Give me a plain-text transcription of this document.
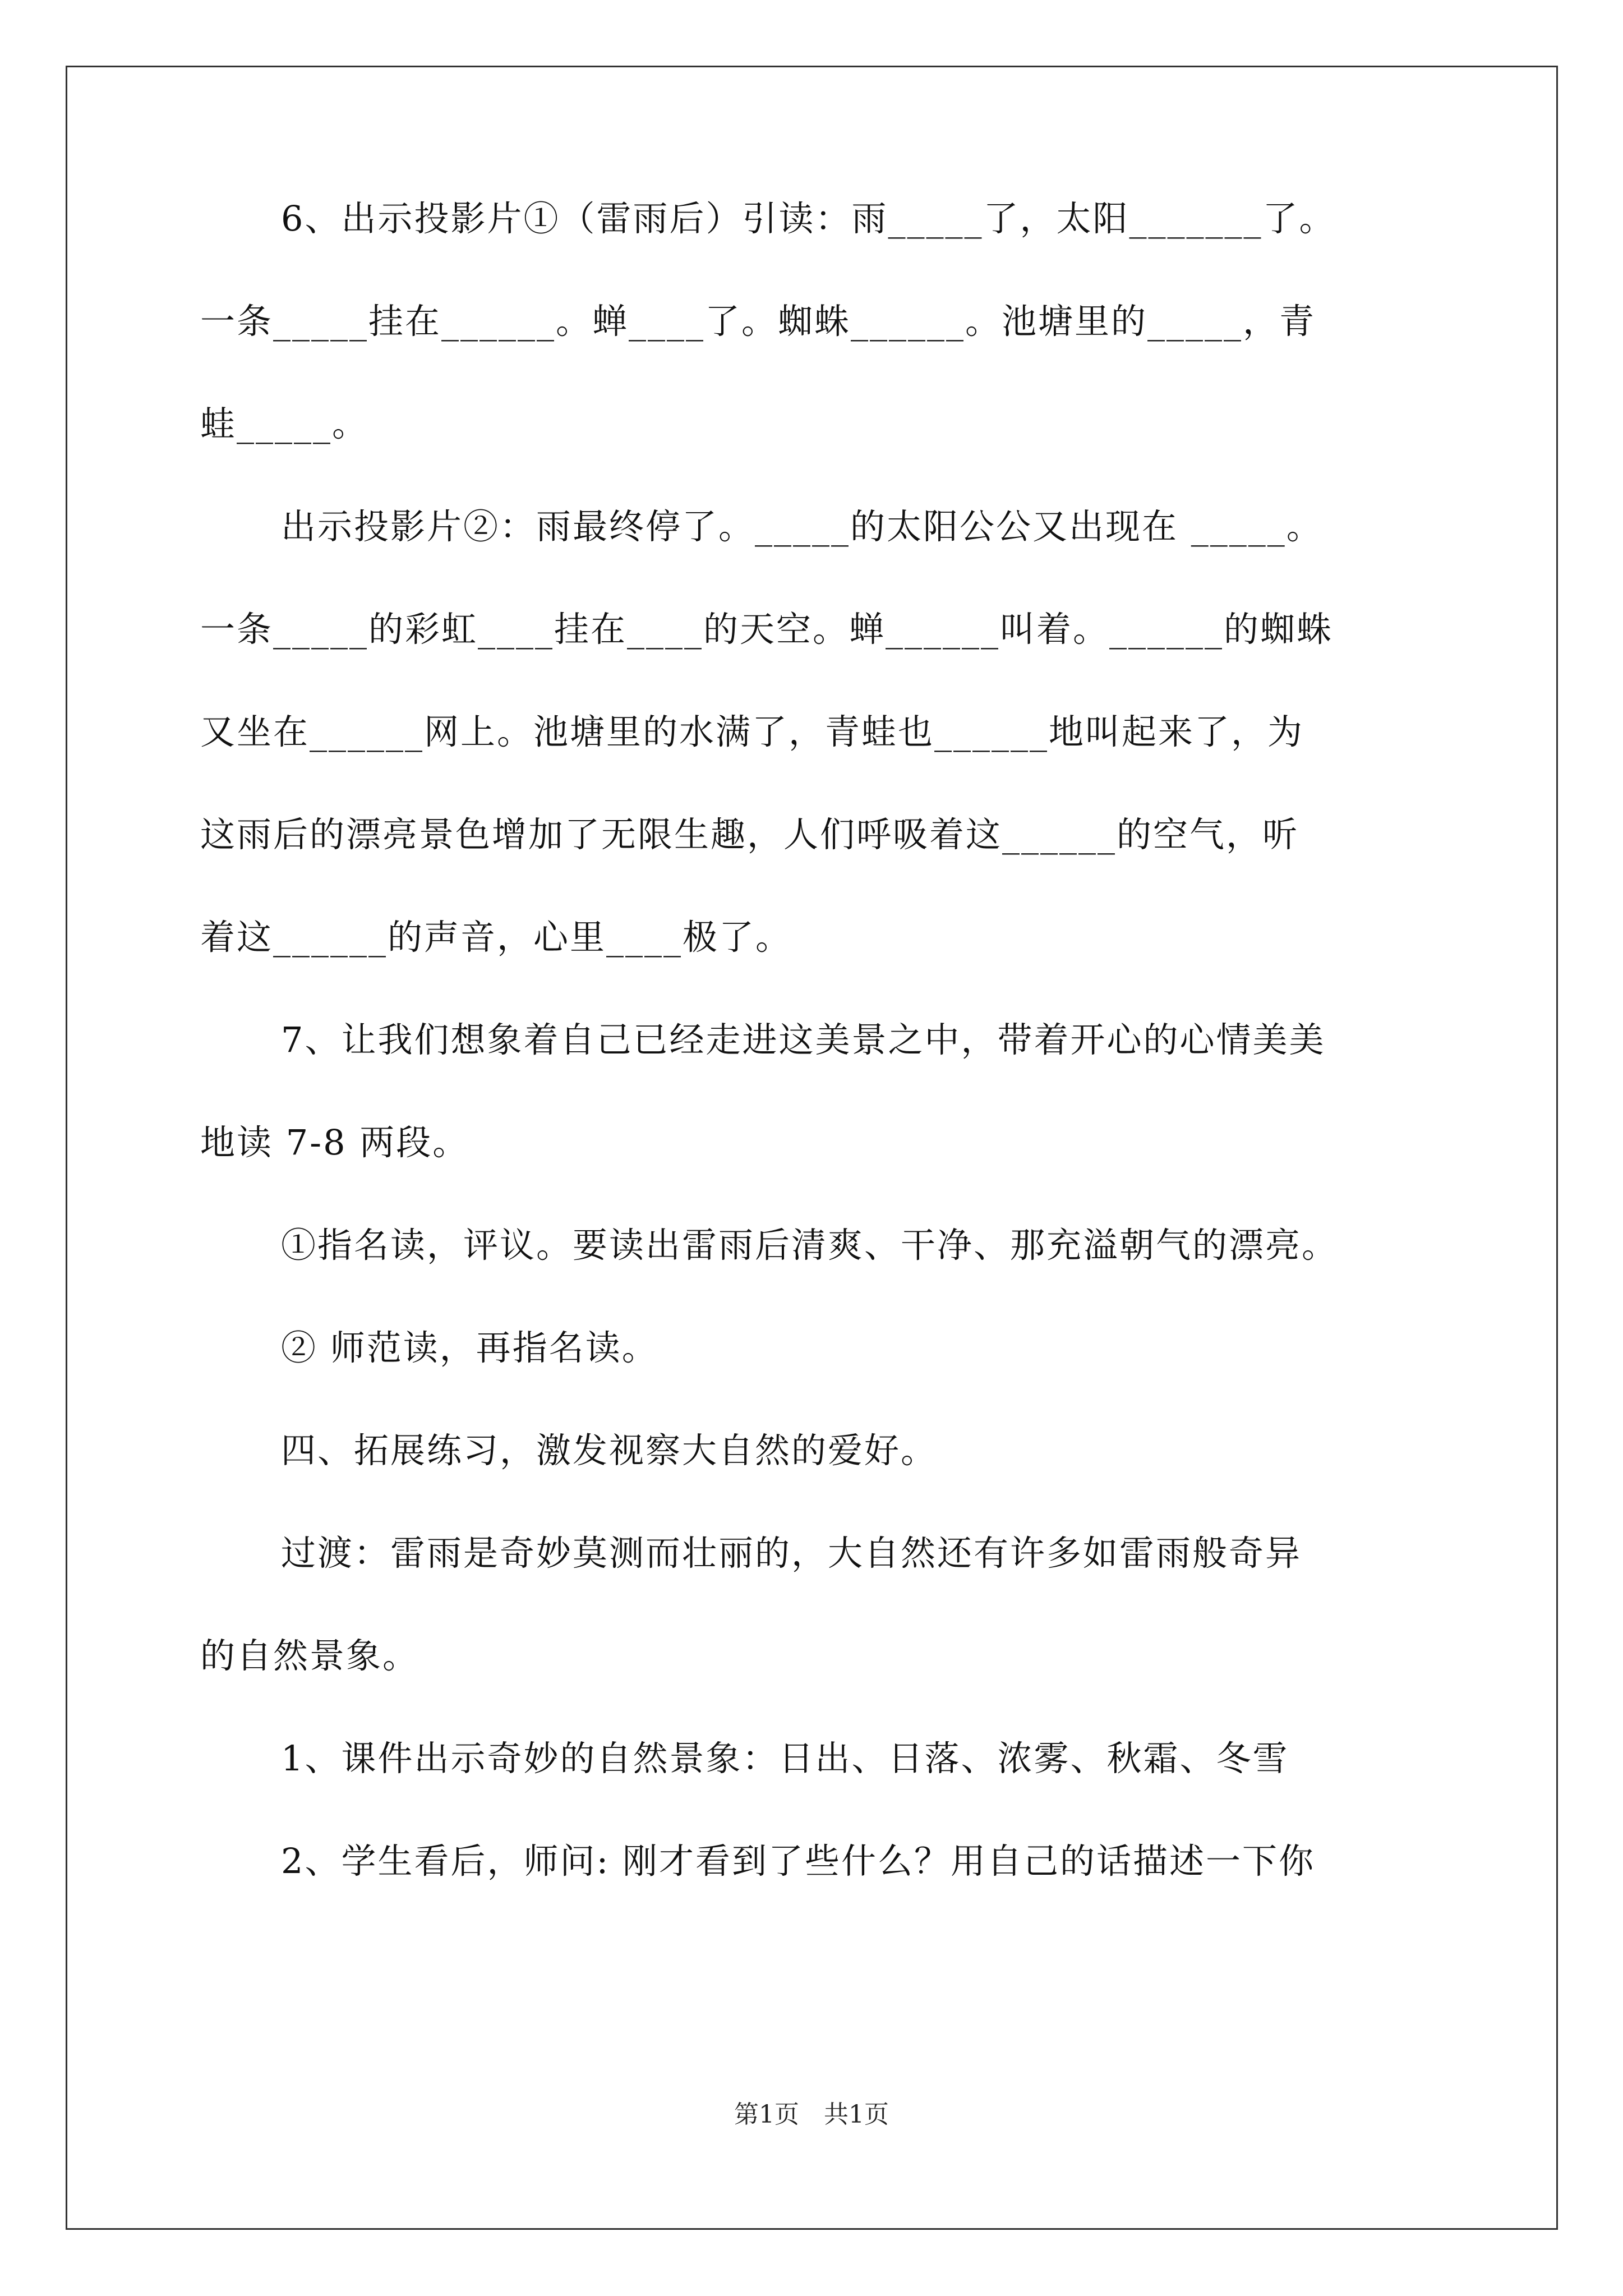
6、出示投影片①（雷雨后）引读：雨_____了，太阳_______了。
一条_____挂在______。蝉____了。蜘蛛______。池塘里的_____，青
蛙_____。
出示投影片②：雨最终停了。_____的太阳公公又出现在 _____。
一条_____的彩虹____挂在____的天空。蝉______叫着。______的蜘蛛
又坐在______网上。池塘里的水满了，青蛙也______地叫起来了，为
这雨后的漂亮景色增加了无限生趣，人们呼吸着这______的空气，听
着这______的声音，心里____极了。
7、让我们想象着自己已经走进这美景之中，带着开心的心情美美
地读 7-8 两段。
①指名读，评议。要读出雷雨后清爽、干净、那充溢朝气的漂亮。
② 师范读，再指名读。
四、拓展练习，激发视察大自然的爱好。
过渡：雷雨是奇妙莫测而壮丽的，大自然还有许多如雷雨般奇异
的自然景象。
1、课件出示奇妙的自然景象：日出、日落、浓雾、秋霜、冬雪
2、学生看后，师问: 刚才看到了些什么？用自己的话描述一下你
第1页　共1页
